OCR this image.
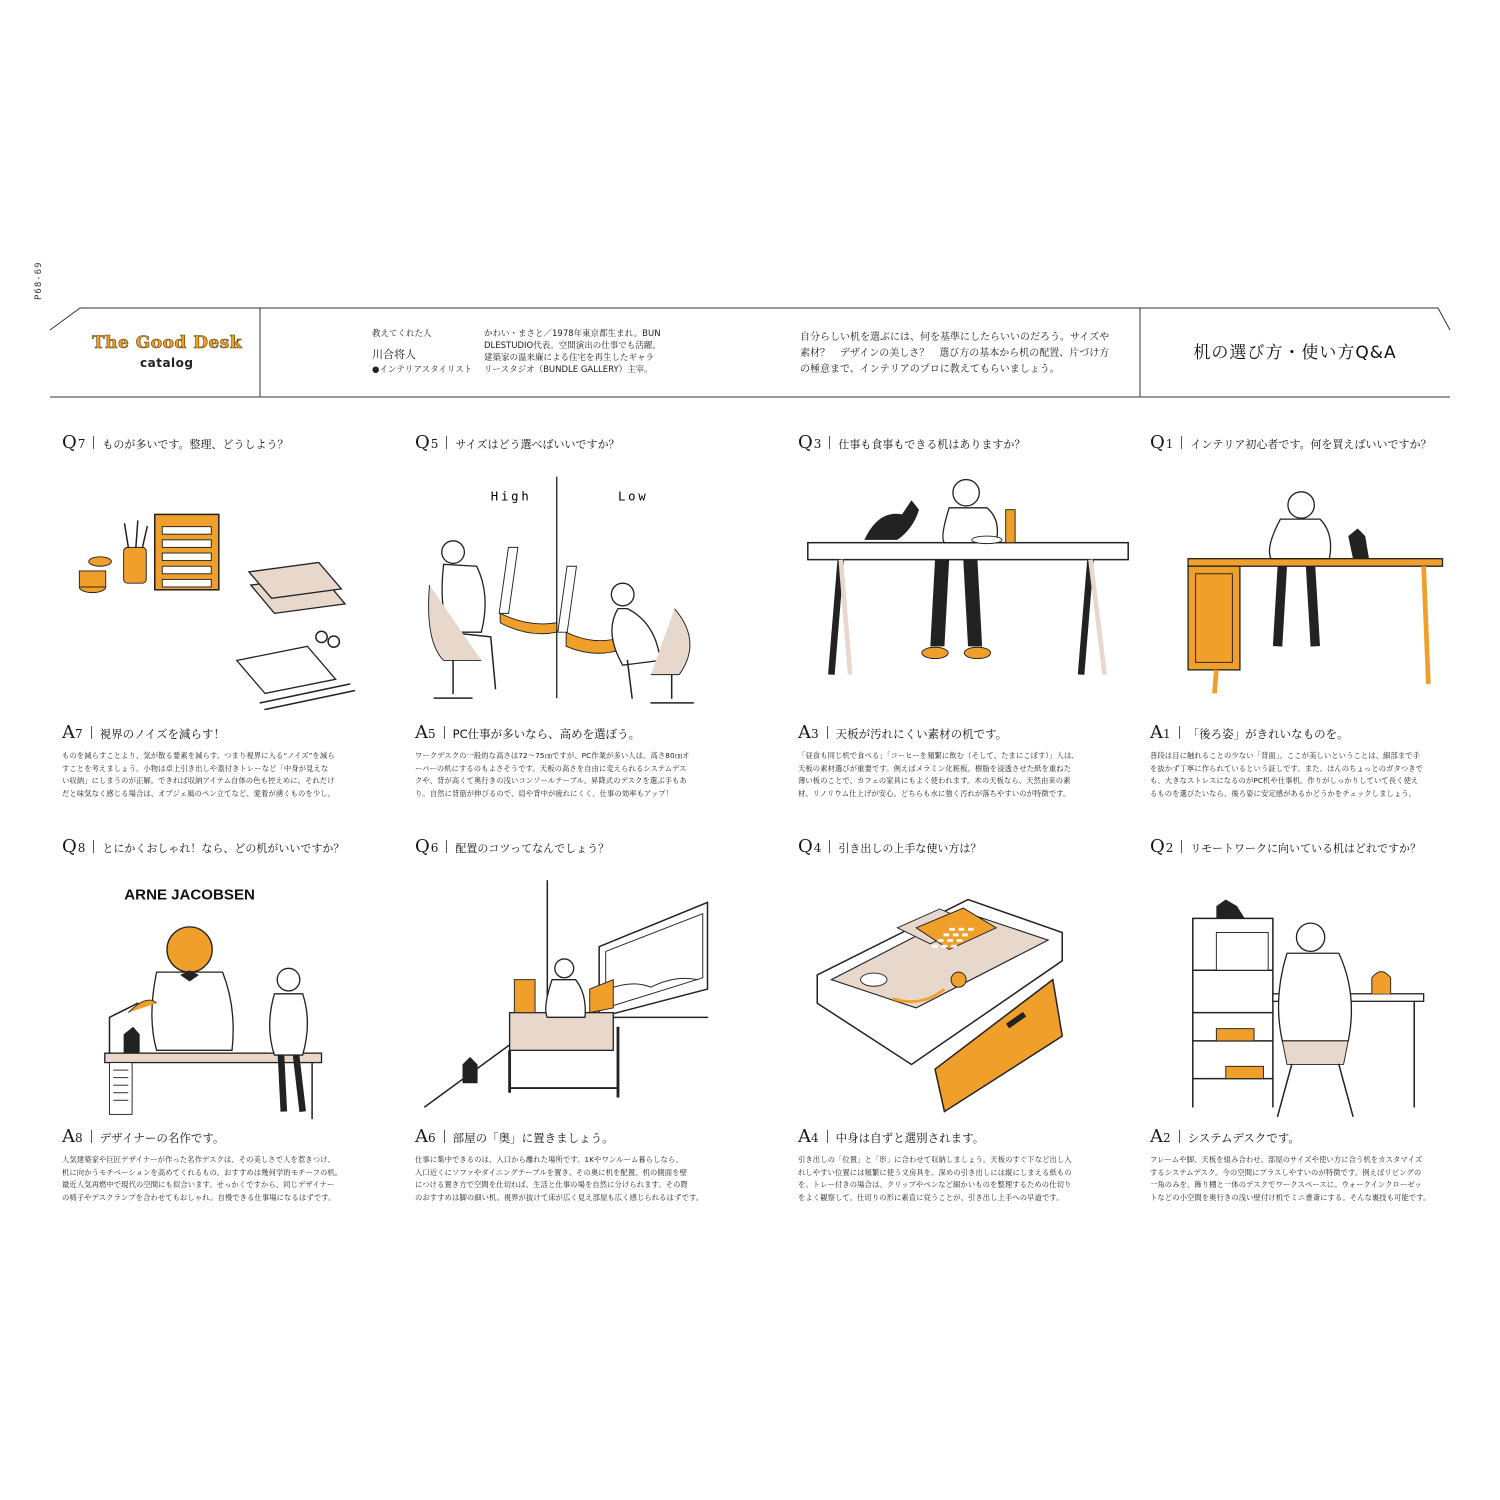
P68-69
The Good Desk
catalog
教えてくれた人
川合将人
●インテリアスタイリスト
かわい・まさと／1978年東京都生まれ。BUN
DLESTUDIO代表。空間演出の仕事でも活躍。
建築家の温来廉による住宅を再生したギャラ
リースタジオ（BUNDLE GALLERY）主宰。
自分らしい机を選ぶには、何を基準にしたらいいのだろう。サイズや
素材？　デザインの美しさ？　選び方の基本から机の配置、片づけ方
の極意まで、インテリアのプロに教えてもらいましょう。
机の選び方・使い方Q&A
Q 7 ものが多いです。整理、どうしよう？
A 7 視界のノイズを減らす！
ものを減らすことより、気が散る要素を減らす。つまり視界に入る“ノイズ”を減ら
すことを考えましょう。小物は卓上引き出しや蓋付きトレーなど「中身が見えな
い収納」にしまうのが正解。できれば収納アイテム自体の色も控えめに。それだけ
だと味気なく感じる場合は、オブジェ風のペン立てなど、愛着が湧くものを少し。
Q 5 サイズはどう選べばいいですか？
High	Low
A 5 PC仕事が多いなら、高めを選ぼう。
ワークデスクの一般的な高さは72〜75㎝ですが、PC作業が多い人は、高さ80㎝オ
ーバーの机にするのもよさそうです。天板の高さを自由に変えられるシステムデス
クや、背が高くて奥行きの浅いコンソールテーブル、昇降式のデスクを選ぶ手もあ
り。自然に背筋が伸びるので、肩や背中が疲れにくく、仕事の効率もアップ！
Q 3 仕事も食事もできる机はありますか？
A 3 天板が汚れにくい素材の机です。
「昼食も同じ机で食べる」「コーヒーを頻繁に飲む（そして、たまにこぼす）」人は、
天板の素材選びが重要です。例えばメラミン化粧板。樹脂を浸透させた紙を重ねた
薄い板のことで、カフェの家具にもよく使われます。木の天板なら、天然由来の素
材、リノリウム仕上げが安心。どちらも水に強く汚れが落ちやすいのが特徴です。
Q 1 インテリア初心者です。何を買えばいいですか？
A 1 「後ろ姿」がきれいなものを。
普段は目に触れることの少ない「背面」。ここが美しいということは、細部まで手
を抜かず丁寧に作られているという証しです。また、ほんのちょっとのガタつきで
も、大きなストレスになるのがPC机や仕事机。作りがしっかりしていて長く使え
るものを選びたいなら、後ろ姿に安定感があるかどうかをチェックしましょう。
Q 8 とにかくおしゃれ！なら、どの机がいいですか？
ARNE JACOBSEN
A 8 デザイナーの名作です。
人気建築家や巨匠デザイナーが作った名作デスクは、その美しさで人を惹きつけ、
机に向かうモチベーションを高めてくれるもの。おすすめは幾何学的モチーフの机。
最近人気再燃中で現代の空間にも似合います。せっかくですから、同じデザイナー
の椅子やデスクランプを合わせてもおしゃれ。自慢できる仕事場になるはずです。
Q 6 配置のコツってなんでしょう？
A 6 部屋の「奥」に置きましょう。
仕事に集中できるのは、入口から離れた場所です。1Kやワンルーム暮らしなら、
入口近くにソファやダイニングテーブルを置き、その奥に机を配置。机の側面を壁
につける置き方で空間を仕切れば、生活と仕事の場を自然に分けられます。その際
のおすすめは脚の細い机。視界が抜けて床が広く見え部屋も広く感じられるはずです。
Q 4 引き出しの上手な使い方は？
A 4 中身は自ずと選別されます。
引き出しの「位置」と「形」に合わせて収納しましょう。天板のすぐ下など出し入
れしやすい位置には頻繁に使う文房具を。深めの引き出しには縦にしまえる紙もの
を。トレー付きの場合は、クリップやペンなど細かいものを整理するための仕切り
をよく観察して。仕切りの形に素直に従うことが、引き出し上手への早道です。
Q 2 リモートワークに向いている机はどれですか？
A 2 システムデスクです。
フレームや脚、天板を組み合わせ、部屋のサイズや使い方に合う机をカスタマイズ
するシステムデスク。今の空間にプラスしやすいのが特徴です。例えばリビングの
一角のみを、飾り棚と一体のデスクでワークスペースに。ウォークインクローゼッ
トなどの小空間を奥行きの浅い壁付け机でミニ書斎にする。そんな裏技も可能です。
